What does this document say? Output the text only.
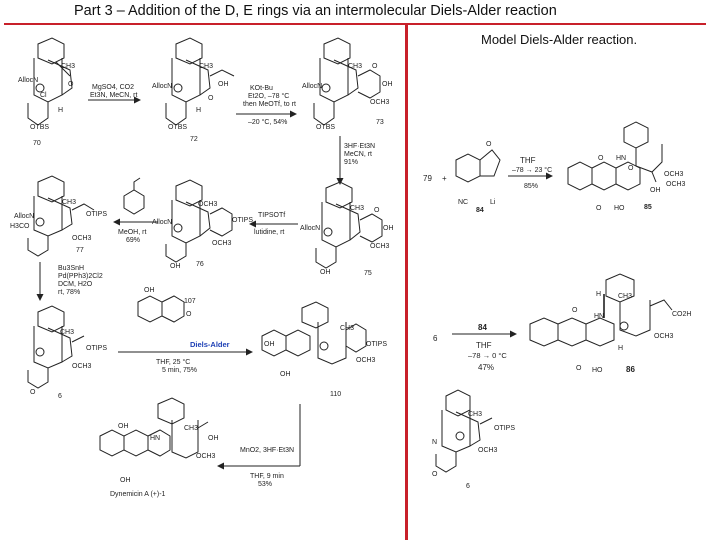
Part 3 – Addition of the D, E rings via an intermolecular Diels-Alder reaction
Model Diels-Alder reaction.
AllocN
CH3
O
Cl
H
OTBS
70
MgSO4, CO2
Et3N, MeCN, rt
AllocN
CH3
OH
O
H
OTBS
72
KOt-Bu
Et2O, –78 °C
then MeOTf, to rt
–20 °C, 54%
AllocN
CH3 O
OH
OCH3
OTBS
73
3HF·Et3N
MeCN, rt
91%
AllocN
CH3 O
OH
OCH3
OH	75
TIPSOTf
lutidine, rt
AllocN
OCH3
OTIPS
OCH3
OH 76
MeOH, rt
69%
AllocN
H3CO
CH3
OTIPS
OCH3
77
Bu3SnH
Pd(PPh3)2Cl2
DCM, H2O
rt, 78%
CH3
OTIPS
OCH3
O
6
OH
O
107
Diels-Alder
THF, 25 °C
5 min, 75%
OH
CH3
OTIPS
OCH3
OH
110
MnO2, 3HF·Et3N
THF, 9 min
53%
OH
HN
CH3
OH
OCH3
OH
Dynemicin A (+)-1
79 +
O
NC	Li
84
THF
–78 → 23 °C
85%
O HN
O
OCH3
OCH3
OH
O HO	85
6
84
THF
–78 → 0 °C
47%
H
O
HN
CH3
CO2H
OCH3
H
O HO	86
N
CH3
OTIPS
OCH3
O
6
